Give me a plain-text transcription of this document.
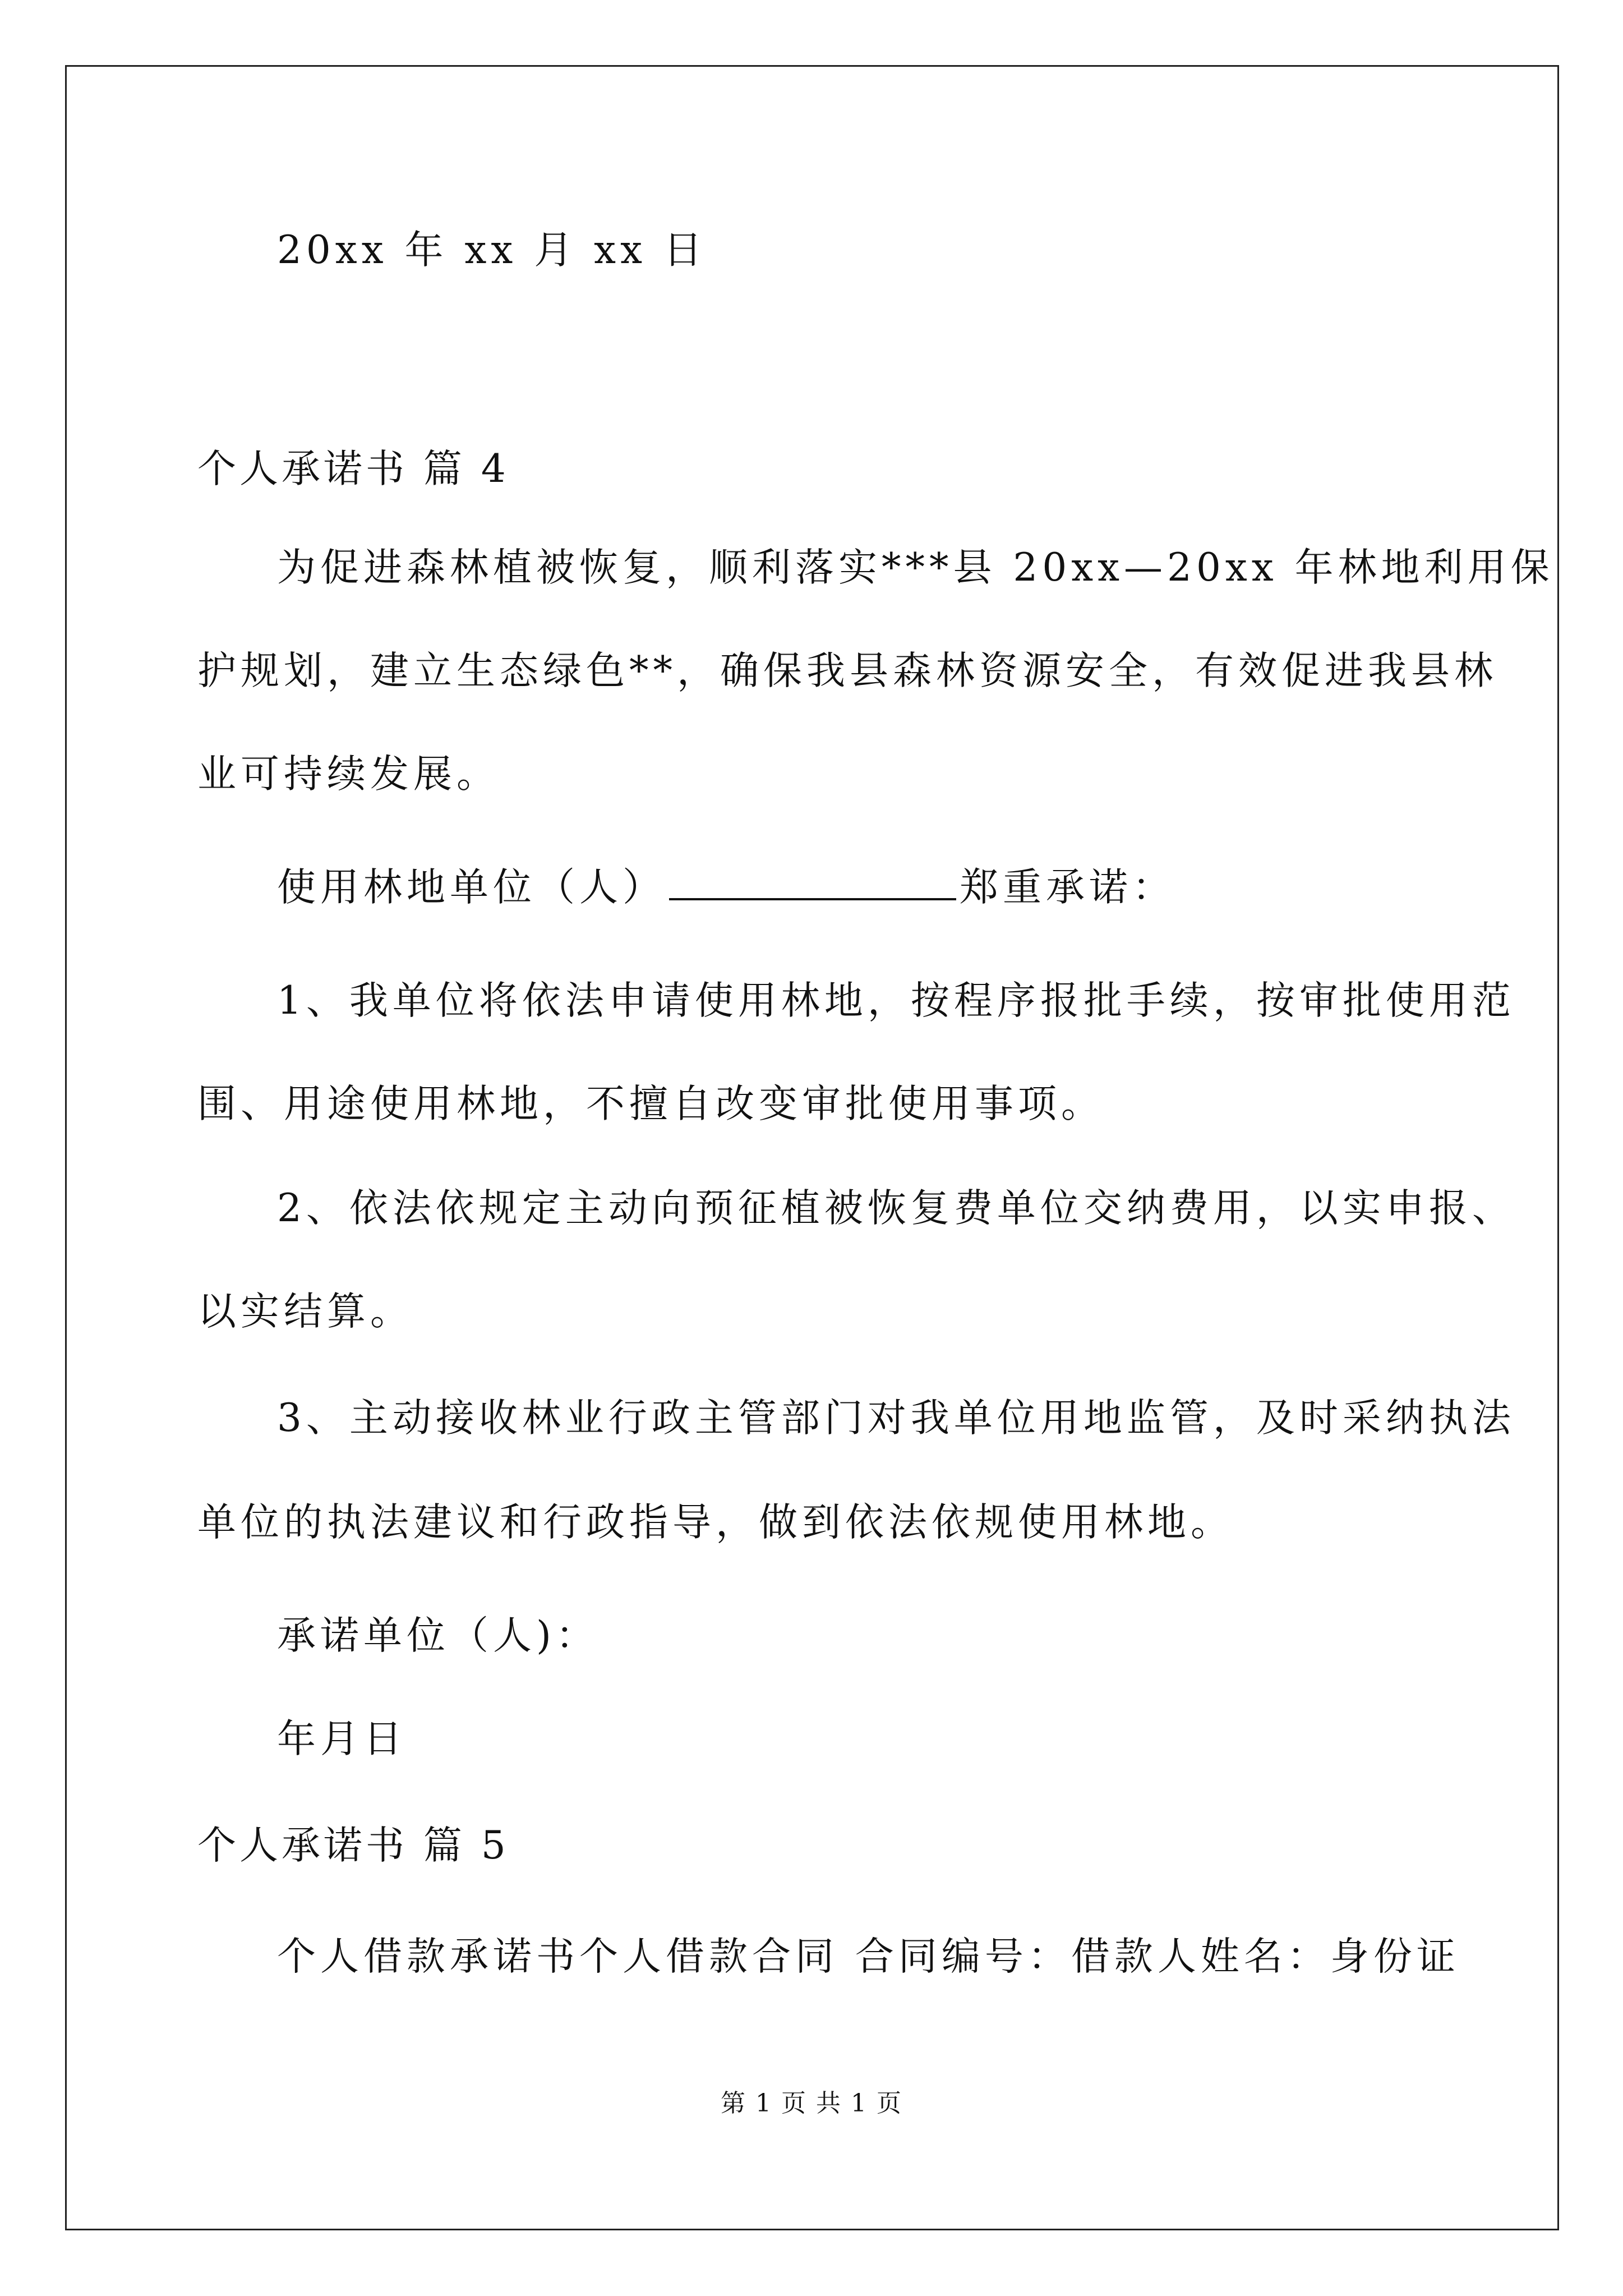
20xx 年 xx 月 xx 日
个人承诺书 篇 4
为促进森林植被恢复，顺利落实***县 20xx—20xx 年林地利用保
护规划，建立生态绿色**，确保我县森林资源安全，有效促进我县林
业可持续发展。
使用林地单位（人）	郑重承诺：
1、我单位将依法申请使用林地，按程序报批手续，按审批使用范
围、用途使用林地，不擅自改变审批使用事项。
2、依法依规定主动向预征植被恢复费单位交纳费用，以实申报、
以实结算。
3、主动接收林业行政主管部门对我单位用地监管，及时采纳执法
单位的执法建议和行政指导，做到依法依规使用林地。
承诺单位（人)：
年月日
个人承诺书 篇 5
个人借款承诺书个人借款合同 合同编号：借款人姓名：身份证
第 1 页 共 1 页
